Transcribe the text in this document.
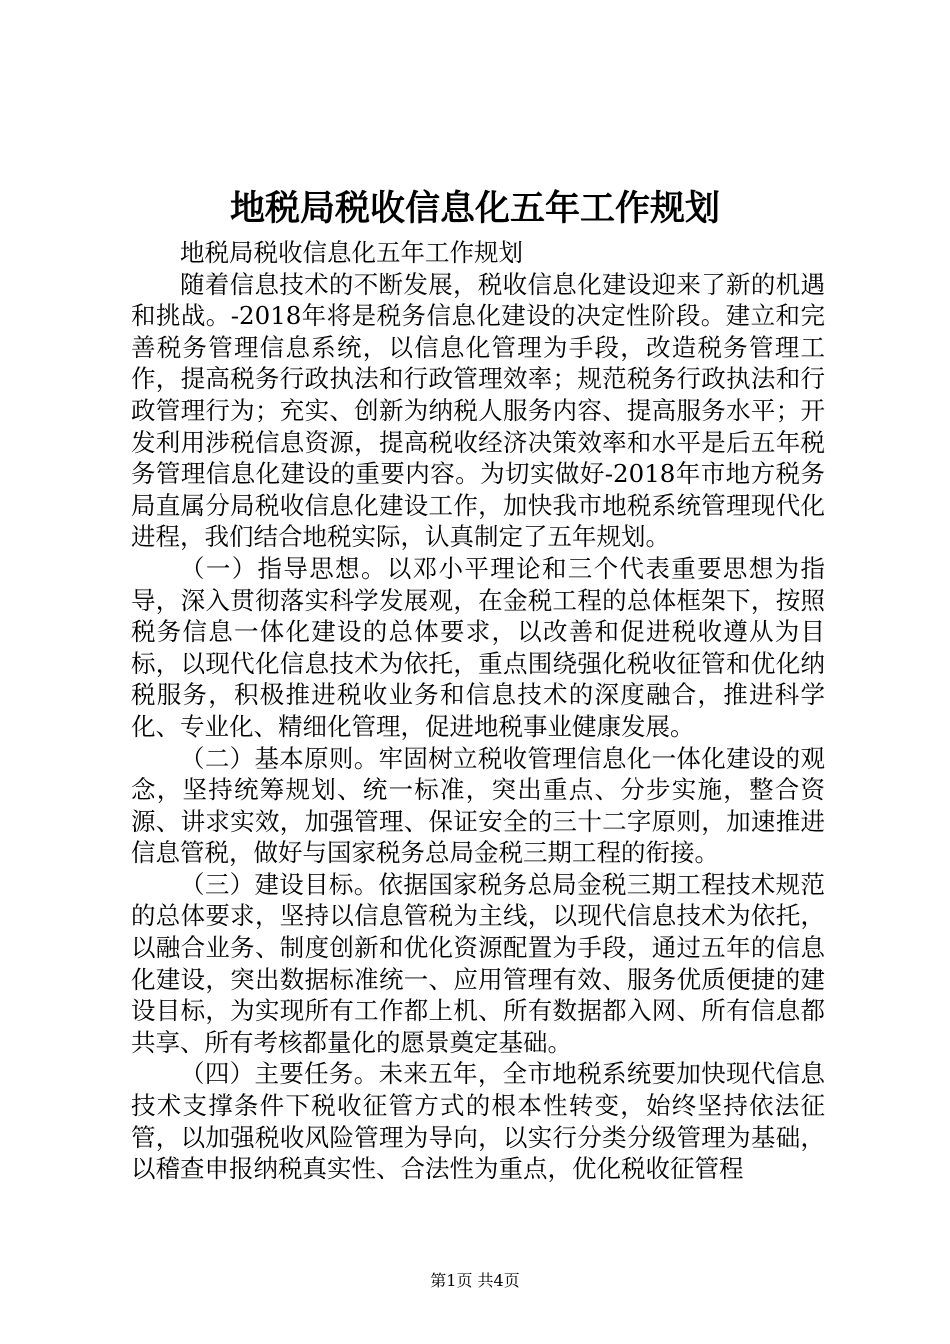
地税局税收信息化五年工作规划

地税局税收信息化五年工作规划

随着信息技术的不断发展，税收信息化建设迎来了新的机遇和挑战。-2018年将是税务信息化建设的决定性阶段。建立和完善税务管理信息系统，以信息化管理为手段，改造税务管理工作，提高税务行政执法和行政管理效率；规范税务行政执法和行政管理行为；充实、创新为纳税人服务内容、提高服务水平；开发利用涉税信息资源，提高税收经济决策效率和水平是后五年税务管理信息化建设的重要内容。为切实做好-2018年市地方税务局直属分局税收信息化建设工作，加快我市地税系统管理现代化进程，我们结合地税实际，认真制定了五年规划。

（一）指导思想。以邓小平理论和三个代表重要思想为指导，深入贯彻落实科学发展观，在金税工程的总体框架下，按照税务信息一体化建设的总体要求，以改善和促进税收遵从为目标，以现代化信息技术为依托，重点围绕强化税收征管和优化纳税服务，积极推进税收业务和信息技术的深度融合，推进科学化、专业化、精细化管理，促进地税事业健康发展。

（二）基本原则。牢固树立税收管理信息化一体化建设的观念，坚持统筹规划、统一标准，突出重点、分步实施，整合资源、讲求实效，加强管理、保证安全的三十二字原则，加速推进信息管税，做好与国家税务总局金税三期工程的衔接。

（三）建设目标。依据国家税务总局金税三期工程技术规范的总体要求，坚持以信息管税为主线，以现代信息技术为依托，以融合业务、制度创新和优化资源配置为手段，通过五年的信息化建设，突出数据标准统一、应用管理有效、服务优质便捷的建设目标，为实现所有工作都上机、所有数据都入网、所有信息都共享、所有考核都量化的愿景奠定基础。

（四）主要任务。未来五年，全市地税系统要加快现代信息技术支撑条件下税收征管方式的根本性转变，始终坚持依法征管，以加强税收风险管理为导向，以实行分类分级管理为基础，以稽查申报纳税真实性、合法性为重点，优化税收征管程

第1页 共4页
